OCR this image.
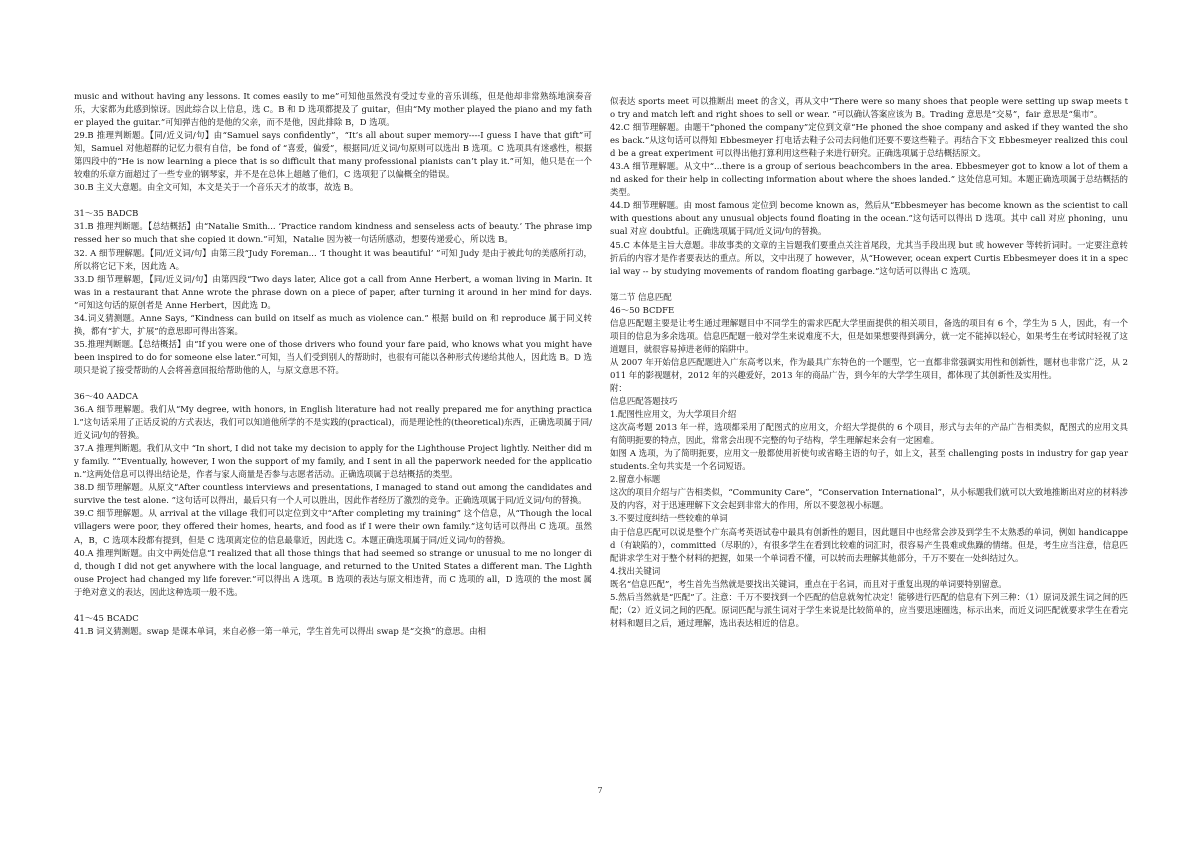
music and without having any lessons. It comes easily to me”可知他虽然没有受过专业的音乐训练，但是他却非常熟练地演奏音乐，大家都为此感到惊讶。因此综合以上信息，选 C。B 和 D 选项都提及了 guitar，但由“My mother played the piano and my father played the guitar.”可知弹吉他的是他的父亲，而不是他，因此排除 B，D 选项。

29.B 推理判断题。【同/近义词/句】由“Samuel says confidently”，“It’s all about super memory----I guess I have that gift”可知，Samuel 对他超群的记忆力很有自信，be fond of “喜爱，偏爱”，根据同/近义词/句原则可以选出 B 选项。C 选项具有迷惑性，根据第四段中的“He is now learning a piece that is so difficult that many professional pianists can’t play it.”可知，他只是在一个较难的乐章方面超过了一些专业的钢琴家，并不是在总体上超越了他们，C 选项犯了以偏概全的错误。

30.B 主义大意题。由全文可知，本文是关于一个音乐天才的故事，故选 B。

31～35 BADCB

31.B 推理判断题。【总结概括】由“Natalie Smith... ‘Practice random kindness and senseless acts of beauty.’ The phrase impressed her so much that she copied it down.”可知，Natalie 因为被一句话所感动，想要传递爱心，所以选 B。

32. A 细节理解题。【同/近义词/句】由第三段“Judy Foreman... ‘I thought it was beautiful’ ”可知 Judy 是由于被此句的美感所打动，所以将它记下来，因此选 A。

33.D 细节理解题，【同/近义词/句】由第四段“Two days later, Alice got a call from Anne Herbert, a woman living in Marin. It was in a restaurant that Anne wrote the phrase down on a piece of paper, after turning it around in her mind for days. ”可知这句话的原创者是 Anne Herbert，因此选 D。

34.词义猜测题。Anne Says, “Kindness can build on itself as much as violence can.” 根据 build on 和 reproduce 属于同义转换，都有“扩大，扩展”的意思即可得出答案。

35.推理判断题。【总结概括】由“If you were one of those drivers who found your fare paid, who knows what you might have been inspired to do for someone else later.”可知，当人们受到别人的帮助时，也很有可能以各种形式传递给其他人，因此选 B。D 选项只是说了接受帮助的人会将善意回报给帮助他的人，与原文意思不符。

36～40 AADCA

36.A 细节理解题。我们从“My degree, with honors, in English literature had not really prepared me for anything practical.”这句话采用了正话反说的方式表达，我们可以知道他所学的不是实践的(practical)，而是理论性的(theoretical)东西，正确选项属于同/近义词/句的替换。

37.A 推理判断题。我们从文中 “In short, I did not take my decision to apply for the Lighthouse Project lightly. Neither did my family. ”“Eventually, however, I won the support of my family, and I sent in all the paperwork needed for the application.”这两处信息可以得出结论是，作者与家人商量是否参与志愿者活动。正确选项属于总结概括的类型。

38.D 细节理解题。从原文“After countless interviews and presentations, I managed to stand out among the candidates and survive the test alone. ”这句话可以得出，最后只有一个人可以胜出，因此作者经历了激烈的竞争。正确选项属于同/近义词/句的替换。

39.C 细节理解题。从 arrival at the village 我们可以定位到文中“After completing my training” 这个信息，从“Though the local villagers were poor, they offered their homes, hearts, and food as if I were their own family.”这句话可以得出 C 选项。虽然 A，B，C 选项本段都有提到，但是 C 选项离定位的信息最靠近，因此选 C。本题正确选项属于同/近义词/句的替换。

40.A 推理判断题。由文中两处信息“I realized that all those things that had seemed so strange or unusual to me no longer did, though I did not get anywhere with the local language, and returned to the United States a different man. The Lighthouse Project had changed my life forever.”可以得出 A 选项。B 选项的表达与原文相违背，而 C 选项的 all，D 选项的 the most 属于绝对意义的表达，因此这种选项一般不选。

41～45 BCADC

41.B 词义猜测题。swap 是课本单词，来自必修一第一单元，学生首先可以得出 swap 是“交换”的意思。由相

似表达 sports meet 可以推断出 meet 的含义，再从文中“There were so many shoes that people were setting up swap meets to try and match left and right shoes to sell or wear. ”可以确认答案应该为 B。Trading 意思是“交易”，fair 意思是“集市”。

42.C 细节理解题。由题干“phoned the company”定位到文章“He phoned the shoe company and asked if they wanted the shoes back.”从这句话可以得知 Ebbesmeyer 打电话去鞋子公司去问他们还要不要这些鞋子。再结合下文 Ebbesmeyer realized this could be a great experiment 可以得出他打算利用这些鞋子来进行研究。正确选项属于总结概括原文。

43.A 细节理解题。从文中“...there is a group of serious beachcombers in the area. Ebbesmeyer got to know a lot of them and asked for their help in collecting information about where the shoes landed.” 这处信息可知。本题正确选项属于总结概括的类型。

44.D 细节理解题。由 most famous 定位到 become known as，然后从“Ebbesmeyer has become known as the scientist to call with questions about any unusual objects found floating in the ocean.”这句话可以得出 D 选项。其中 call 对应 phoning，unusual 对应 doubtful。正确选项属于同/近义词/句的替换。

45.C 本体是主旨大意题。非故事类的文章的主旨题我们要重点关注首尾段，尤其当手段出现 but 或 however 等转折词时。一定要注意转折后的内容才是作者要表达的重点。所以，文中出现了 however，从“However, ocean expert Curtis Ebbesmeyer does it in a special way -- by studying movements of random floating garbage.”这句话可以得出 C 选项。

第二节 信息匹配

46～50 BCDFE

信息匹配题主要是让考生通过理解题目中不同学生的需求匹配大学里面提供的相关项目，备选的项目有 6 个，学生为 5 人，因此，有一个项目的信息为多余选项。信息匹配题一般对学生来说难度不大，但是如果想要得到满分，就一定不能掉以轻心，如果考生在考试时轻视了这道题目，就很容易掉进老师的陷阱中。

从 2007 年开始信息匹配题进入广东高考以来，作为最具广东特色的一个题型，它一直都非常强调实用性和创新性，题材也非常广泛，从 2011 年的影视题材，2012 年的兴趣爱好，2013 年的商品广告，到今年的大学学生项目，都体现了其创新性及实用性。

附：

信息匹配答题技巧

1.配图性应用文，为大学项目介绍

这次高考题 2013 年一样，选项都采用了配图式的应用文，介绍大学提供的 6 个项目，形式与去年的产品广告相类似，配图式的应用文具有简明扼要的特点，因此，常常会出现不完整的句子结构，学生理解起来会有一定困难。

如图 A 选项，为了简明扼要，应用文一般都使用祈使句或省略主语的句子，如上文，甚至 challenging posts in industry for gap year students.全句共实是一个名词短语。

2.留意小标题

这次的项目介绍与广告相类似，“Community Care”，“Conservation International”，从小标题我们就可以大致地推断出对应的材料涉及的内容，对于迅速理解下文会起到非常大的作用，所以不要忽视小标题。

3.不要过度纠结一些较难的单词

由于信息匹配可以说是整个广东高考英语试卷中最具有创新性的题目，因此题目中也经常会涉及到学生不太熟悉的单词，例如 handicapped（有缺陷的），committed（尽职的），有很多学生在看到比较难的词汇时，很容易产生畏难或焦躁的情绪。但是，考生应当注意，信息匹配讲求学生对于整个材料的把握，如果一个单词看不懂，可以转而去理解其他部分，千万不要在一处纠结过久。

4.找出关键词

既名“信息匹配”，考生首先当然就是要找出关键词，重点在于名词，而且对于重复出现的单词要特别留意。

5.然后当然就是“匹配”了。注意：千万不要找到一个匹配的信息就匆忙决定！能够进行匹配的信息有下列三种：（1）原词及派生词之间的匹配；（2）近义词之间的匹配。原词匹配与派生词对于学生来说是比较简单的，应当要迅速圈选，标示出来，而近义词匹配就要求学生在看完材料和题目之后，通过理解，选出表达相近的信息。

7
